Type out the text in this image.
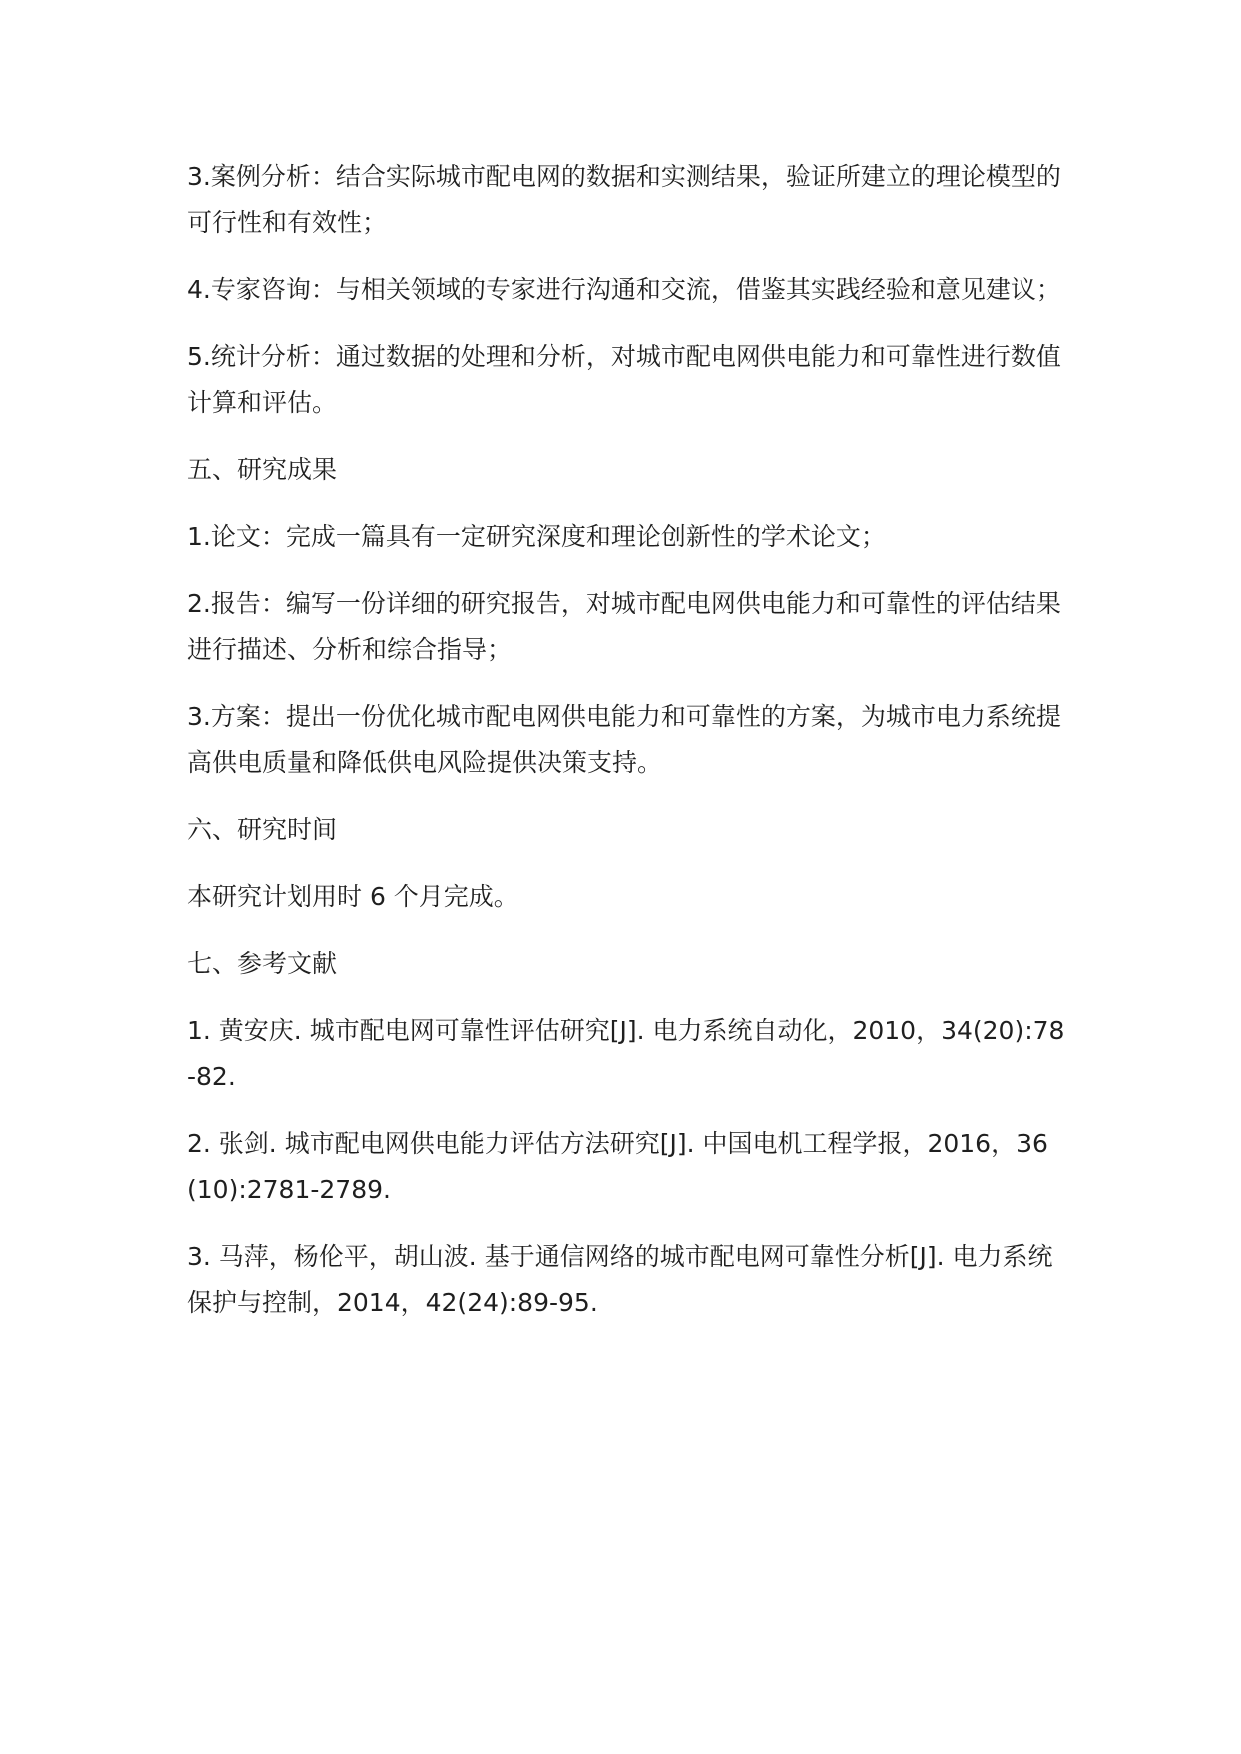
3.案例分析：结合实际城市配电网的数据和实测结果，验证所建立的理论模型的可行性和有效性；

4.专家咨询：与相关领域的专家进行沟通和交流，借鉴其实践经验和意见建议；

5.统计分析：通过数据的处理和分析，对城市配电网供电能力和可靠性进行数值计算和评估。

五、研究成果

1.论文：完成一篇具有一定研究深度和理论创新性的学术论文；

2.报告：编写一份详细的研究报告，对城市配电网供电能力和可靠性的评估结果进行描述、分析和综合指导；

3.方案：提出一份优化城市配电网供电能力和可靠性的方案，为城市电力系统提高供电质量和降低供电风险提供决策支持。

六、研究时间

本研究计划用时 6 个月完成。

七、参考文献

1. 黄安庆. 城市配电网可靠性评估研究[J]. 电力系统自动化，2010，34(20):78-82.

2. 张剑. 城市配电网供电能力评估方法研究[J]. 中国电机工程学报，2016，36(10):2781-2789.

3. 马萍，杨伦平，胡山波. 基于通信网络的城市配电网可靠性分析[J]. 电力系统保护与控制，2014，42(24):89-95.
